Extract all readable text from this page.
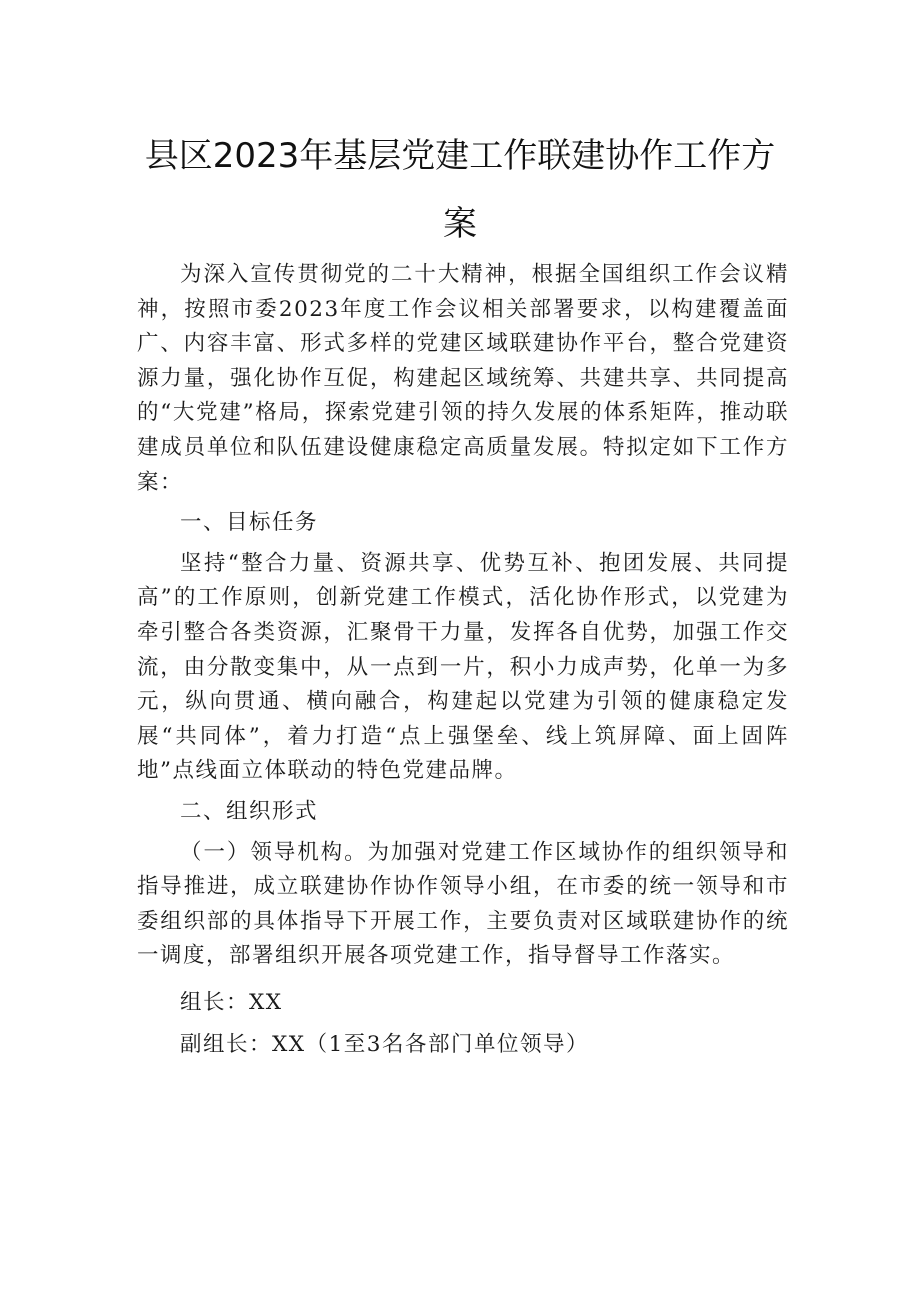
县区2023年基层党建工作联建协作工作方
案

为深入宣传贯彻党的二十大精神，根据全国组织工作会议精神，按照市委2023年度工作会议相关部署要求，以构建覆盖面广、内容丰富、形式多样的党建区域联建协作平台，整合党建资源力量，强化协作互促，构建起区域统筹、共建共享、共同提高的“大党建”格局，探索党建引领的持久发展的体系矩阵，推动联建成员单位和队伍建设健康稳定高质量发展。特拟定如下工作方案：

一、目标任务

坚持“整合力量、资源共享、优势互补、抱团发展、共同提高”的工作原则，创新党建工作模式，活化协作形式，以党建为牵引整合各类资源，汇聚骨干力量，发挥各自优势，加强工作交流，由分散变集中，从一点到一片，积小力成声势，化单一为多元，纵向贯通、横向融合，构建起以党建为引领的健康稳定发展“共同体”，着力打造“点上强堡垒、线上筑屏障、面上固阵地”点线面立体联动的特色党建品牌。

二、组织形式

（一）领导机构。为加强对党建工作区域协作的组织领导和指导推进，成立联建协作协作领导小组，在市委的统一领导和市委组织部的具体指导下开展工作，主要负责对区域联建协作的统一调度，部署组织开展各项党建工作，指导督导工作落实。

组长：XX

副组长：XX（1至3名各部门单位领导）
